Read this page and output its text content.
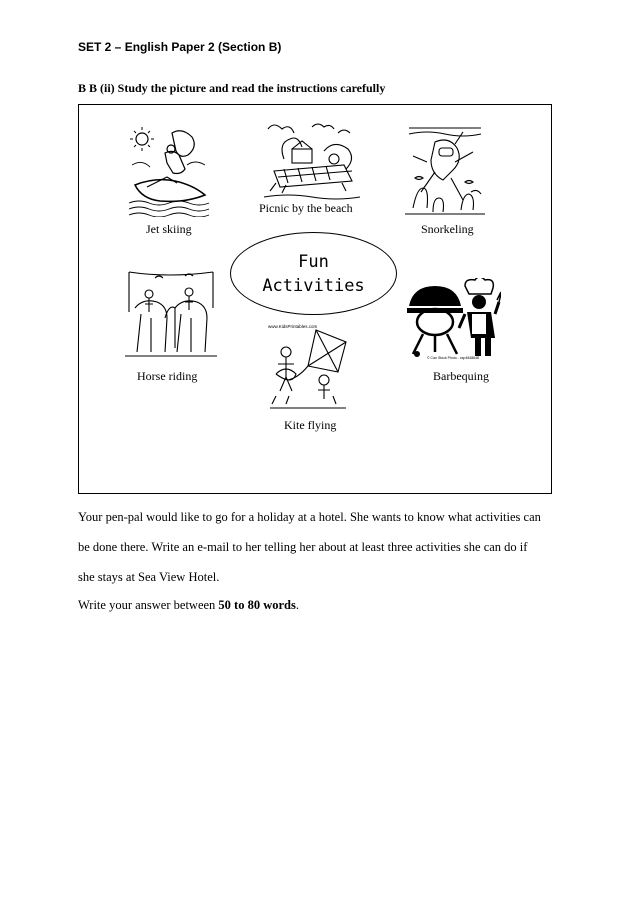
SET 2 – English Paper 2 (Section B)
B B (ii) Study the picture and read the instructions carefully
Jet skiing
Picnic by the beach
Snorkeling
Fun
Activities
Horse riding
www.KidsPrintables.com
Kite flying
© Can Stock Photo - csp4848648
Barbequing
Your pen-pal would like to go for a holiday at a hotel. She wants to know what activities can
be done there. Write an e-mail to her telling her about at least three activities she can do if
she stays at Sea View Hotel.
Write your answer between 50 to 80 words.
